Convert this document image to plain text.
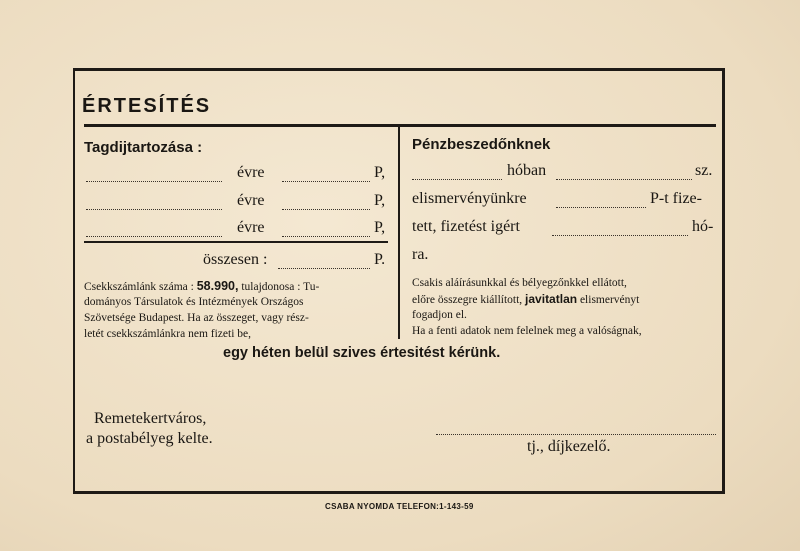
ÉRTESÍTÉS
Tagdijtartozása :
évre	P,
évre	P,
évre	P,
összesen :	P.
Csekkszámlánk száma : 58.990, tulajdonosa : Tu-
dományos Társulatok és Intézmények Országos
Szövetsége Budapest. Ha az összeget, vagy rész-
letét csekkszámlánkra nem fizeti be,
Pénzbeszedőnknek
hóban	sz.
elismervényünkre	P-t fize-
tett, fizetést igért	hó-
ra.
Csakis aláírásunkkal és bélyegzőnkkel ellátott,
előre összegre kiállított, javitatlan elismervényt
fogadjon el.
Ha a fenti adatok nem felelnek meg a valóságnak,
egy héten belül szives értesitést kérünk.
Remetekertváros,
a postabélyeg kelte.	tj., díjkezelő.
CSABA NYOMDA TELEFON:1-143-59
